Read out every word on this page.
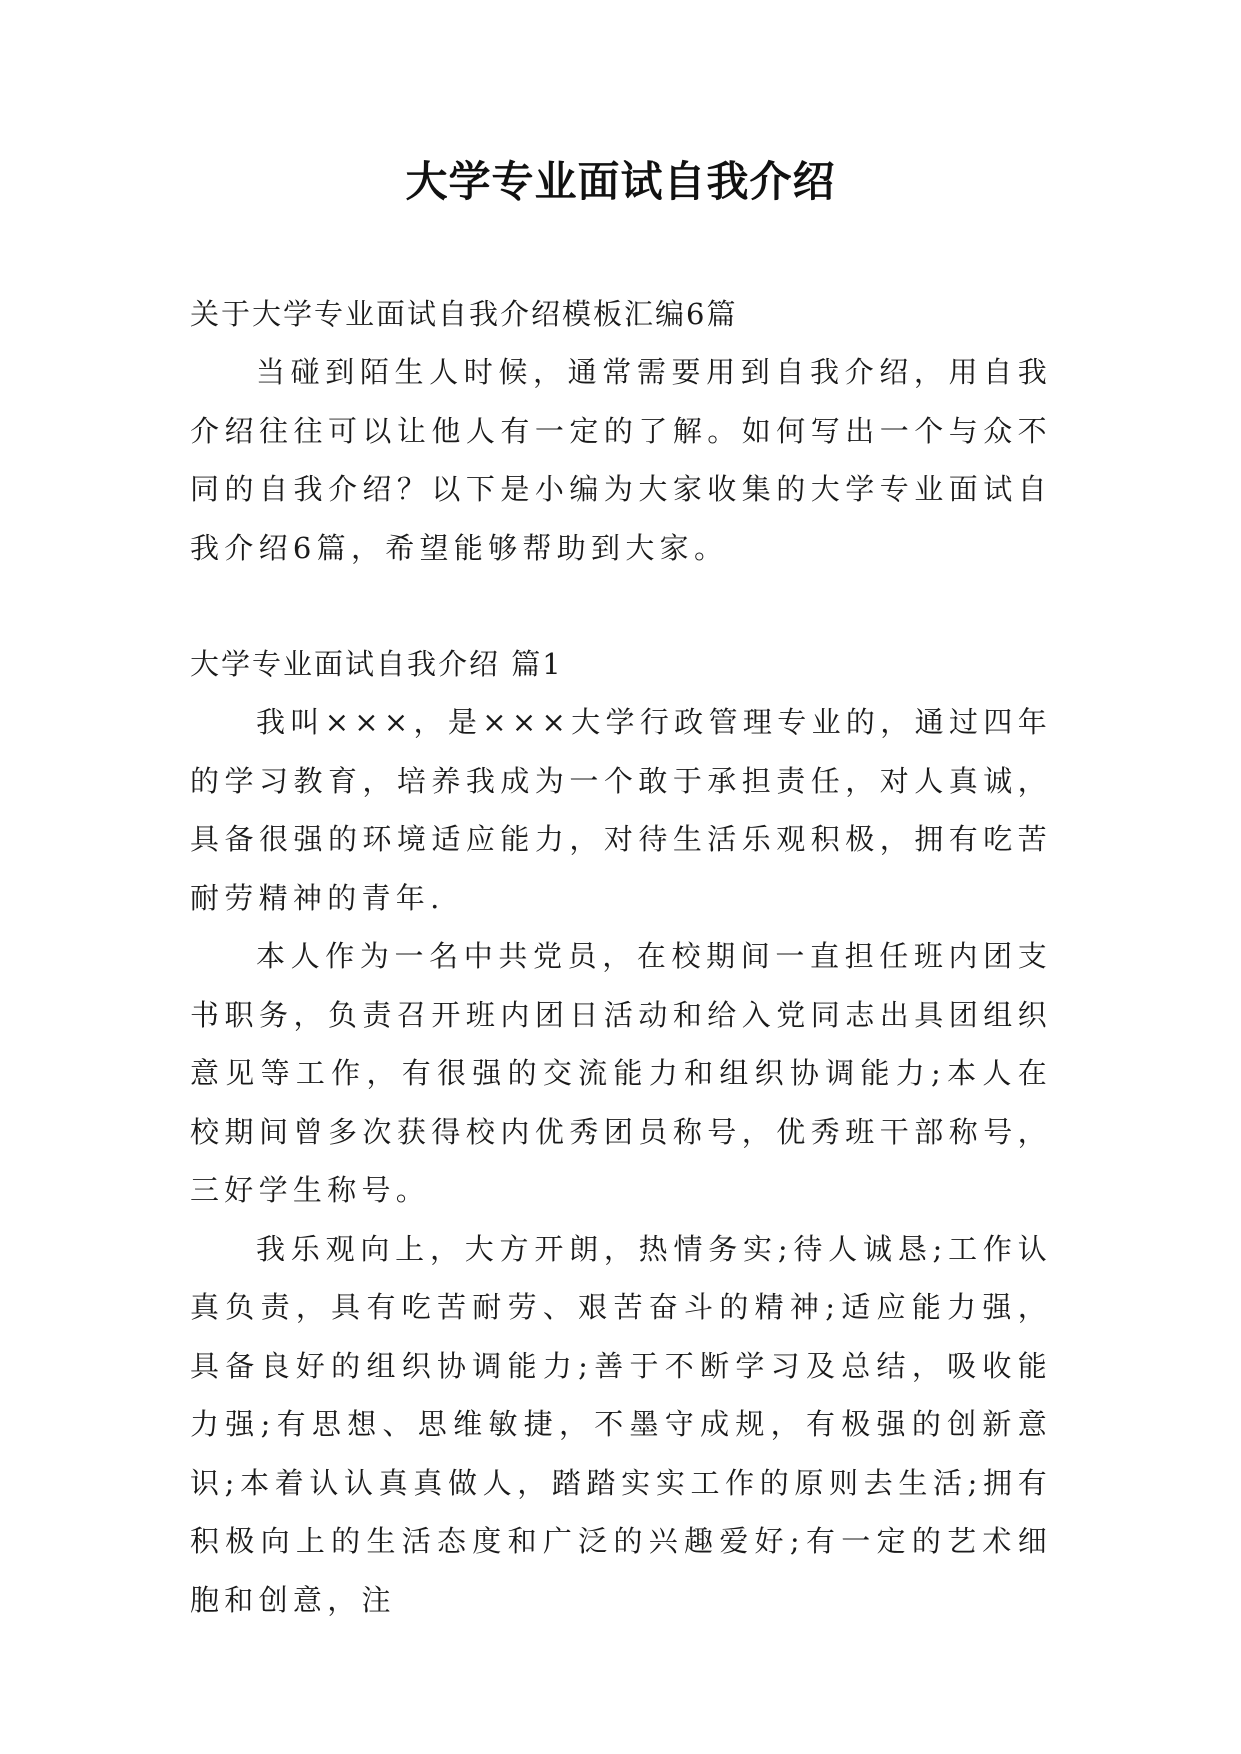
大学专业面试自我介绍

关于大学专业面试自我介绍模板汇编6篇

当碰到陌生人时候，通常需要用到自我介绍，用自我介绍往往可以让他人有一定的了解。如何写出一个与众不同的自我介绍？以下是小编为大家收集的大学专业面试自我介绍6篇，希望能够帮助到大家。

大学专业面试自我介绍 篇1

我叫×××，是×××大学行政管理专业的，通过四年的学习教育，培养我成为一个敢于承担责任，对人真诚，具备很强的环境适应能力，对待生活乐观积极，拥有吃苦耐劳精神的青年.

本人作为一名中共党员，在校期间一直担任班内团支书职务，负责召开班内团日活动和给入党同志出具团组织意见等工作，有很强的交流能力和组织协调能力;本人在校期间曾多次获得校内优秀团员称号，优秀班干部称号，三好学生称号。

我乐观向上，大方开朗，热情务实;待人诚恳;工作认真负责，具有吃苦耐劳、艰苦奋斗的精神;适应能力强，具备良好的组织协调能力;善于不断学习及总结，吸收能力强;有思想、思维敏捷，不墨守成规，有极强的创新意识;本着认认真真做人，踏踏实实工作的原则去生活;拥有积极向上的生活态度和广泛的兴趣爱好;有一定的艺术细胞和创意，注
